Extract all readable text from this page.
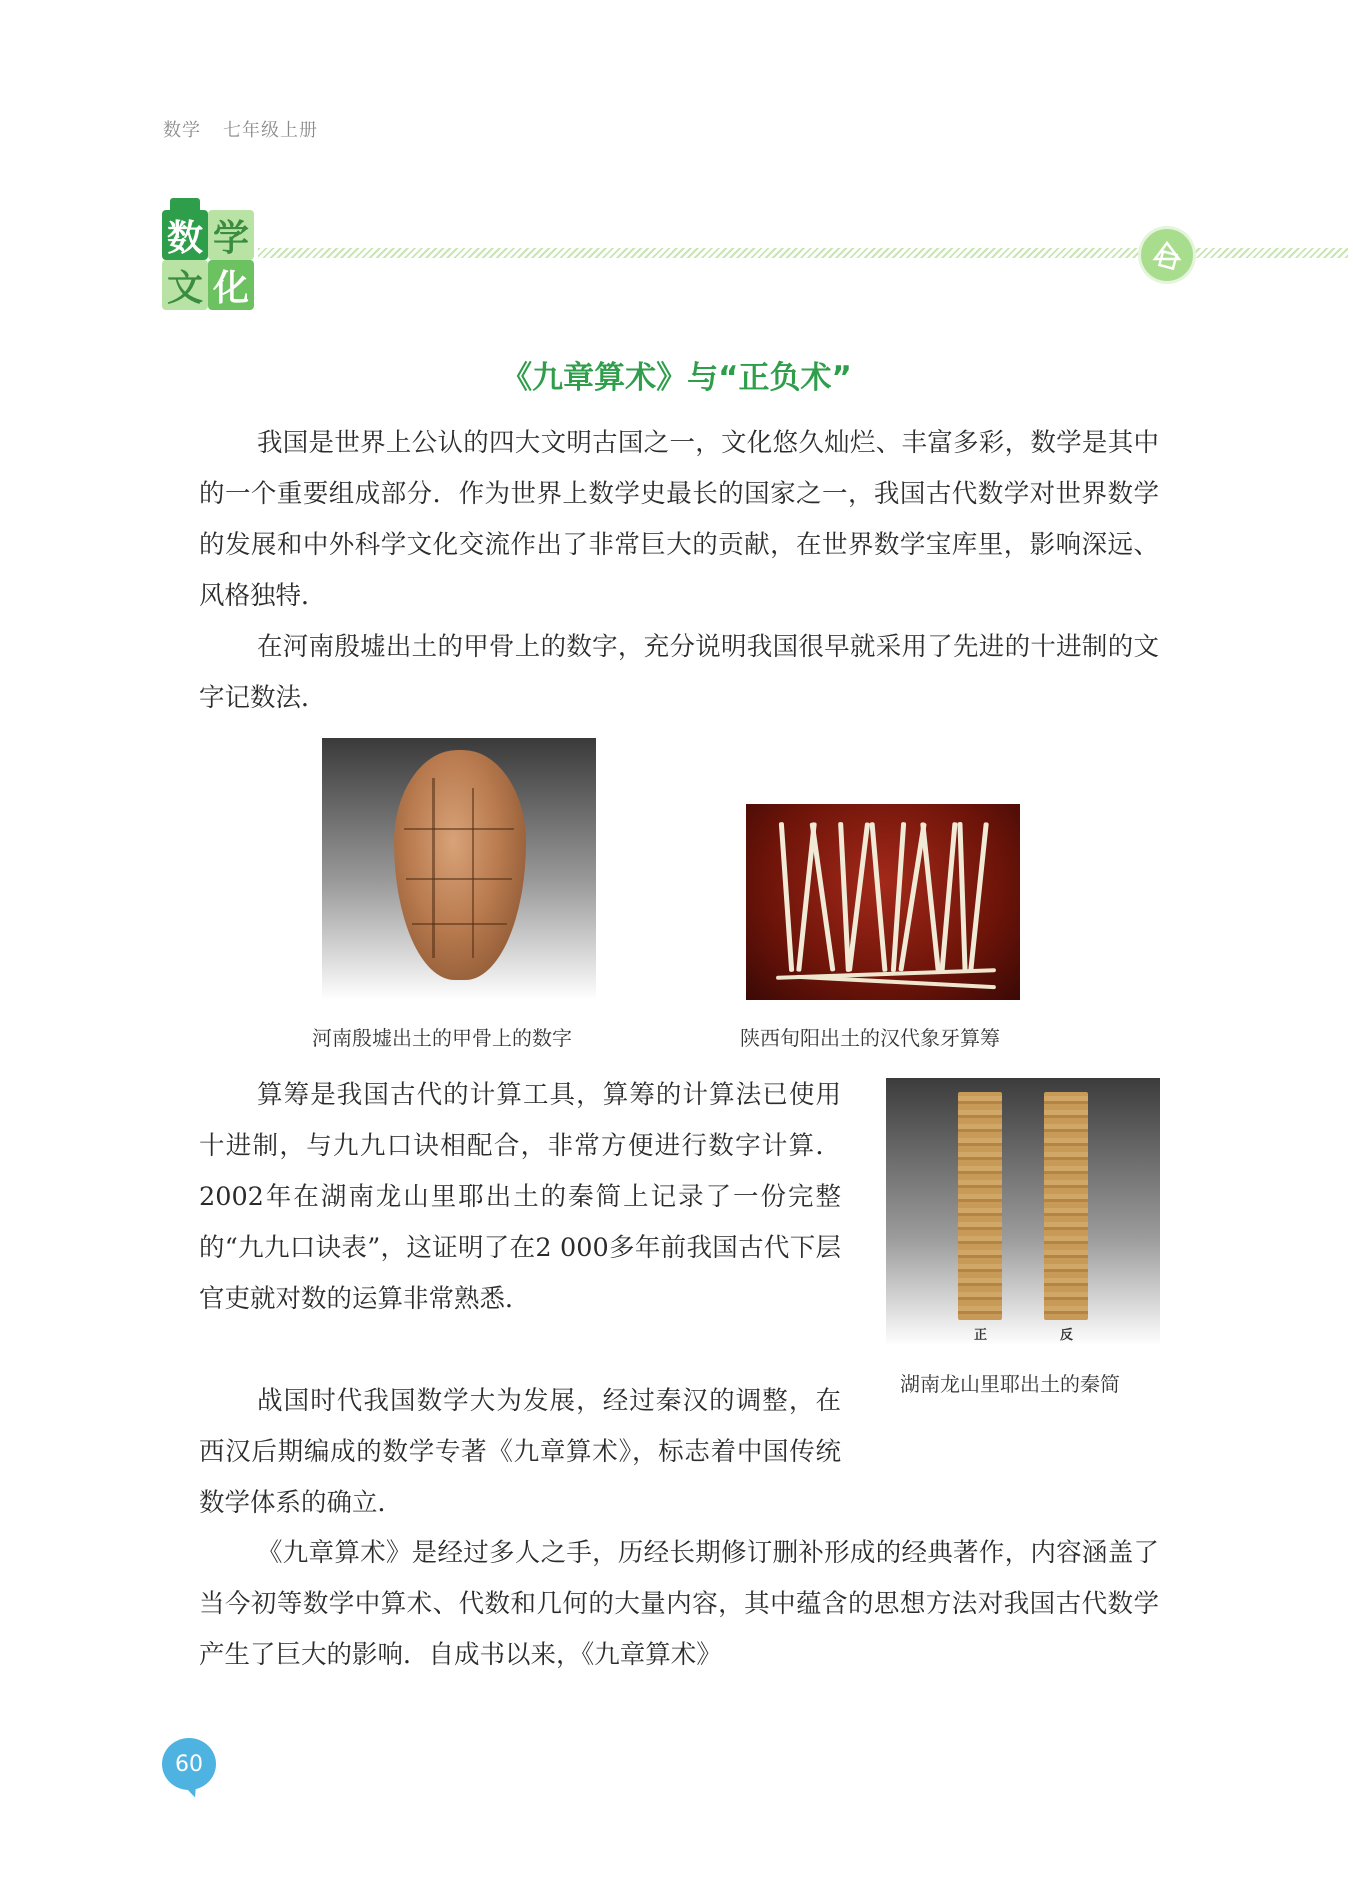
数学 七年级上册
数 学
文 化
《九章算术》与“正负术”
我国是世界上公认的四大文明古国之一，文化悠久灿烂、丰富多彩，数学是其中的一个重要组成部分．作为世界上数学史最长的国家之一，我国古代数学对世界数学的发展和中外科学文化交流作出了非常巨大的贡献，在世界数学宝库里，影响深远、风格独特．
在河南殷墟出土的甲骨上的数字，充分说明我国很早就采用了先进的十进制的文字记数法．
河南殷墟出土的甲骨上的数字	陕西旬阳出土的汉代象牙算筹
算筹是我国古代的计算工具，算筹的计算法已使用十进制，与九九口诀相配合，非常方便进行数字计算．2002年在湖南龙山里耶出土的秦简上记录了一份完整的“九九口诀表”，这证明了在2 000多年前我国古代下层官吏就对数的运算非常熟悉．
战国时代我国数学大为发展，经过秦汉的调整，在西汉后期编成的数学专著《九章算术》，标志着中国传统数学体系的确立．
正	反
湖南龙山里耶出土的秦简
《九章算术》是经过多人之手，历经长期修订删补形成的经典著作，内容涵盖了当今初等数学中算术、代数和几何的大量内容，其中蕴含的思想方法对我国古代数学产生了巨大的影响．自成书以来，《九章算术》
60
